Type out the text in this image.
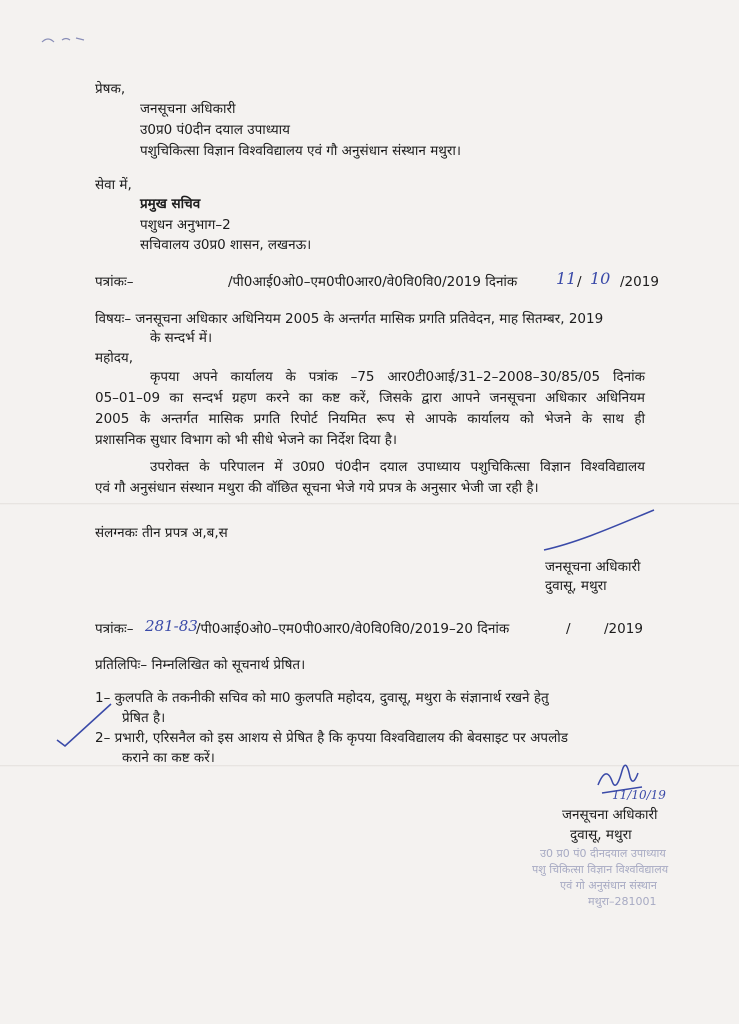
प्रेषक,
जनसूचना अधिकारी
उ0प्र0 पं0दीन दयाल उपाध्याय
पशुचिकित्सा विज्ञान विश्वविद्यालय एवं गौ अनुसंधान संस्थान मथुरा।
सेवा में,
प्रमुख सचिव
पशुधन अनुभाग–2
सचिवालय उ0प्र0 शासन, लखनऊ।
पत्रांकः–	/पी0आई0ओ0–एम0पी0आर0/वे0वि0वि0/2019 दिनांक 11 / 10 /2019
विषयः– जनसूचना अधिकार अधिनियम 2005 के अन्तर्गत मासिक प्रगति प्रतिवेदन, माह सितम्बर, 2019
के सन्दर्भ में।
महोदय,
कृपया अपने कार्यालय के पत्रांक –75 आर0टी0आई/31–2–2008–30/85/05 दिनांक
05–01–09 का सन्दर्भ ग्रहण करने का कष्ट करें, जिसके द्वारा आपने जनसूचना अधिकार अधिनियम
2005 के अन्तर्गत मासिक प्रगति रिपोर्ट नियमित रूप से आपके कार्यालय को भेजने के साथ ही
प्रशासनिक सुधार विभाग को भी सीधे भेजने का निर्देश दिया है।
उपरोक्त के परिपालन में उ0प्र0 पं0दीन दयाल उपाध्याय पशुचिकित्सा विज्ञान विश्वविद्यालय
एवं गौ अनुसंधान संस्थान मथुरा की वॉछित सूचना भेजे गये प्रपत्र के अनुसार भेजी जा रही है।
संलग्नकः तीन प्रपत्र अ,ब,स
जनसूचना अधिकारी
दुवासू, मथुरा
पत्रांकः– 281-83
/पी0आई0ओ0–एम0पी0आर0/वे0वि0वि0/2019–20 दिनांक	/ /2019
प्रतिलिपिः– निम्नलिखित को सूचनार्थ प्रेषित।
1– कुलपति के तकनीकी सचिव को मा0 कुलपति महोदय, दुवासू, मथुरा के संज्ञानार्थ रखने हेतु
प्रेषित है।
2– प्रभारी, एरिसनैल को इस आशय से प्रेषित है कि कृपया विश्वविद्यालय की बेवसाइट पर अपलोड
कराने का कष्ट करें।
11/10/19
जनसूचना अधिकारी
दुवासू, मथुरा
उ0 प्र0 पं0 दीनदयाल उपाध्याय
पशु चिकित्सा विज्ञान विश्वविद्यालय
एवं गो अनुसंधान संस्थान
मथुरा–281001
